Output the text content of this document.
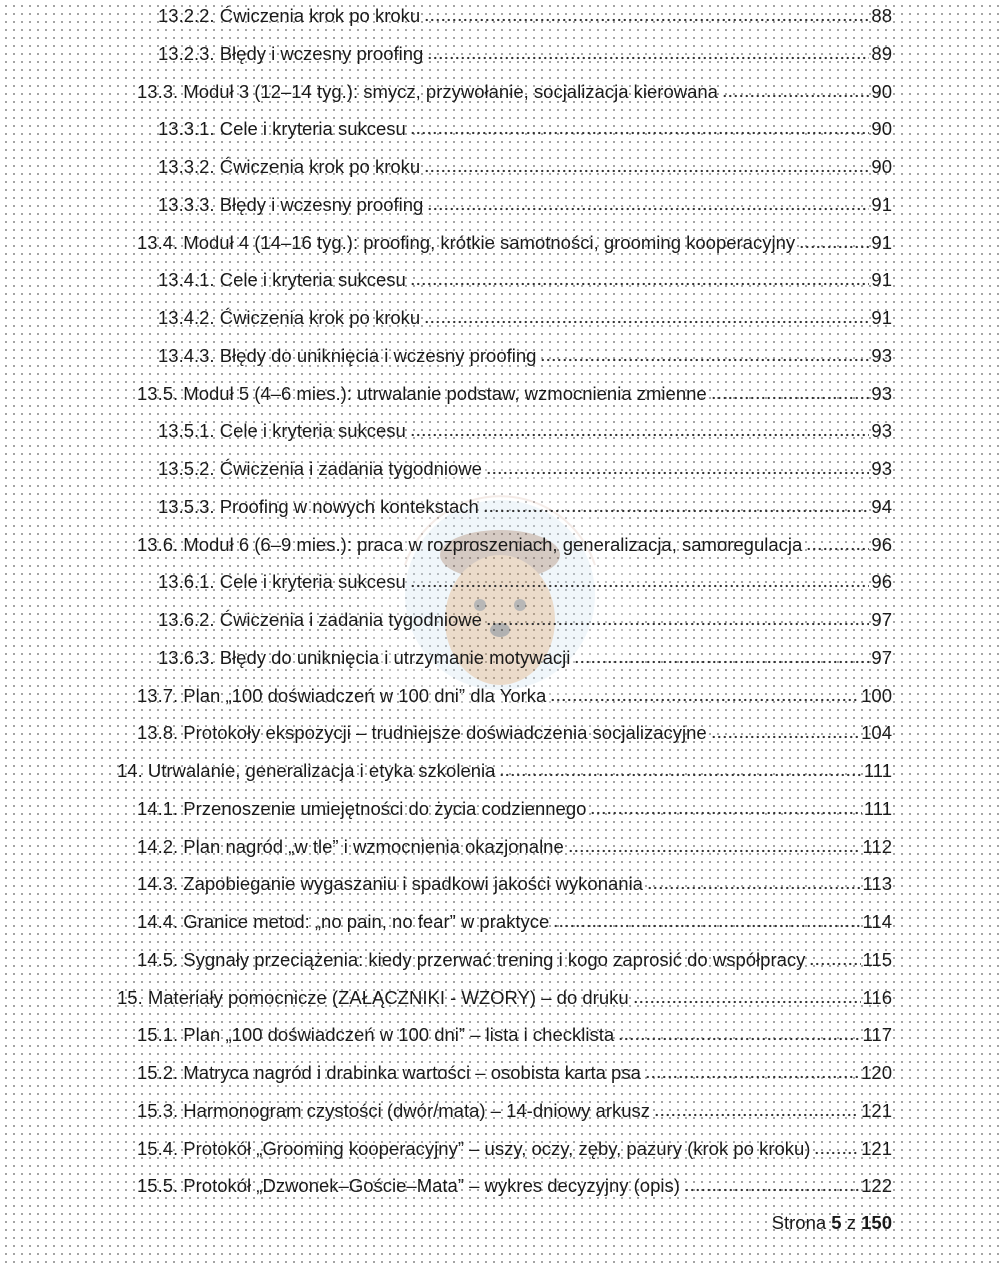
13.2.2. Ćwiczenia krok po kroku	88
13.2.3. Błędy i wczesny proofing	89
13.3. Moduł 3 (12–14 tyg.): smycz, przywołanie, socjalizacja kierowana	90
13.3.1. Cele i kryteria sukcesu	90
13.3.2. Ćwiczenia krok po kroku	90
13.3.3. Błędy i wczesny proofing	91
13.4. Moduł 4 (14–16 tyg.): proofing, krótkie samotności, grooming kooperacyjny	91
13.4.1. Cele i kryteria sukcesu	91
13.4.2. Ćwiczenia krok po kroku	91
13.4.3. Błędy do uniknięcia i wczesny proofing	93
13.5. Moduł 5 (4–6 mies.): utrwalanie podstaw, wzmocnienia zmienne	93
13.5.1. Cele i kryteria sukcesu	93
13.5.2. Ćwiczenia i zadania tygodniowe	93
13.5.3. Proofing w nowych kontekstach	94
13.6. Moduł 6 (6–9 mies.): praca w rozproszeniach, generalizacja, samoregulacja	96
13.6.1. Cele i kryteria sukcesu	96
13.6.2. Ćwiczenia i zadania tygodniowe	97
13.6.3. Błędy do uniknięcia i utrzymanie motywacji	97
13.7. Plan „100 doświadczeń w 100 dni” dla Yorka	100
13.8. Protokoły ekspozycji – trudniejsze doświadczenia socjalizacyjne	104
14. Utrwalanie, generalizacja i etyka szkolenia	111
14.1. Przenoszenie umiejętności do życia codziennego	111
14.2. Plan nagród „w tle” i wzmocnienia okazjonalne	112
14.3. Zapobieganie wygaszaniu i spadkowi jakości wykonania	113
14.4. Granice metod: „no pain, no fear” w praktyce	114
14.5. Sygnały przeciążenia: kiedy przerwać trening i kogo zaprosić do współpracy	115
15. Materiały pomocnicze (ZAŁĄCZNIKI - WZORY) – do druku	116
15.1. Plan „100 doświadczeń w 100 dni” – lista i checklista	117
15.2. Matryca nagród i drabinka wartości – osobista karta psa	120
15.3. Harmonogram czystości (dwór/mata) – 14-dniowy arkusz	121
15.4. Protokół „Grooming kooperacyjny” – uszy, oczy, zęby, pazury (krok po kroku)	121
15.5. Protokół „Dzwonek–Goście–Mata” – wykres decyzyjny (opis)	122
Strona 5 z 150
